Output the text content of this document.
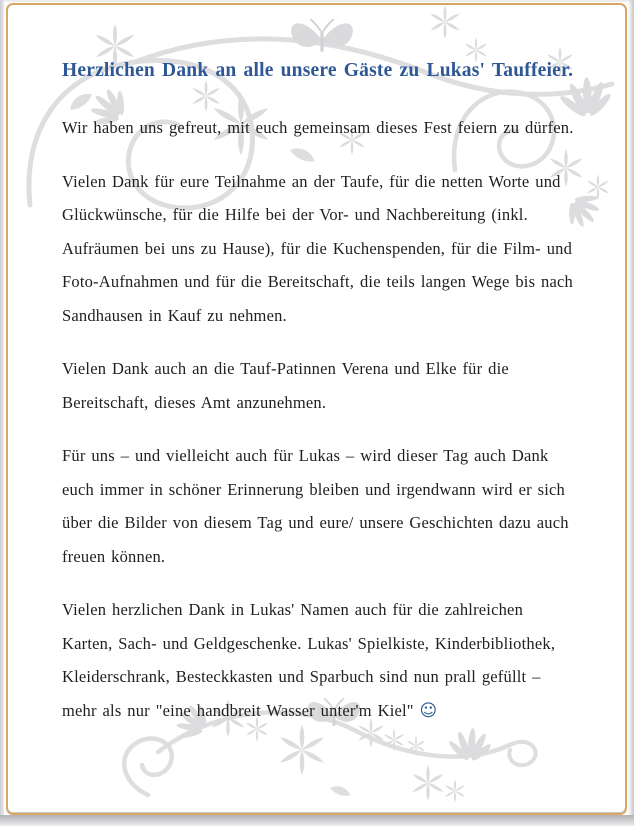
Herzlichen Dank an alle unsere Gäste zu Lukas' Tauffeier.

Wir haben uns gefreut, mit euch gemeinsam dieses Fest feiern zu dürfen.

Vielen Dank für eure Teilnahme an der Taufe, für die netten Worte und Glückwünsche, für die Hilfe bei der Vor- und Nachbereitung (inkl. Aufräumen bei uns zu Hause), für die Kuchenspenden, für die Film- und Foto-Aufnahmen und für die Bereitschaft, die teils langen Wege bis nach Sandhausen in Kauf zu nehmen.

Vielen Dank auch an die Tauf-Patinnen Verena und Elke für die Bereitschaft, dieses Amt anzunehmen.

Für uns – und vielleicht auch für Lukas – wird dieser Tag auch Dank euch immer in schöner Erinnerung bleiben und irgendwann wird er sich über die Bilder von diesem Tag und eure/ unsere Geschichten dazu auch freuen können.

Vielen herzlichen Dank in Lukas' Namen auch für die zahlreichen Karten, Sach- und Geldgeschenke. Lukas' Spielkiste, Kinderbibliothek, Kleiderschrank, Besteckkasten und Sparbuch sind nun prall gefüllt – mehr als nur "eine handbreit Wasser unter'm Kiel" ☺
